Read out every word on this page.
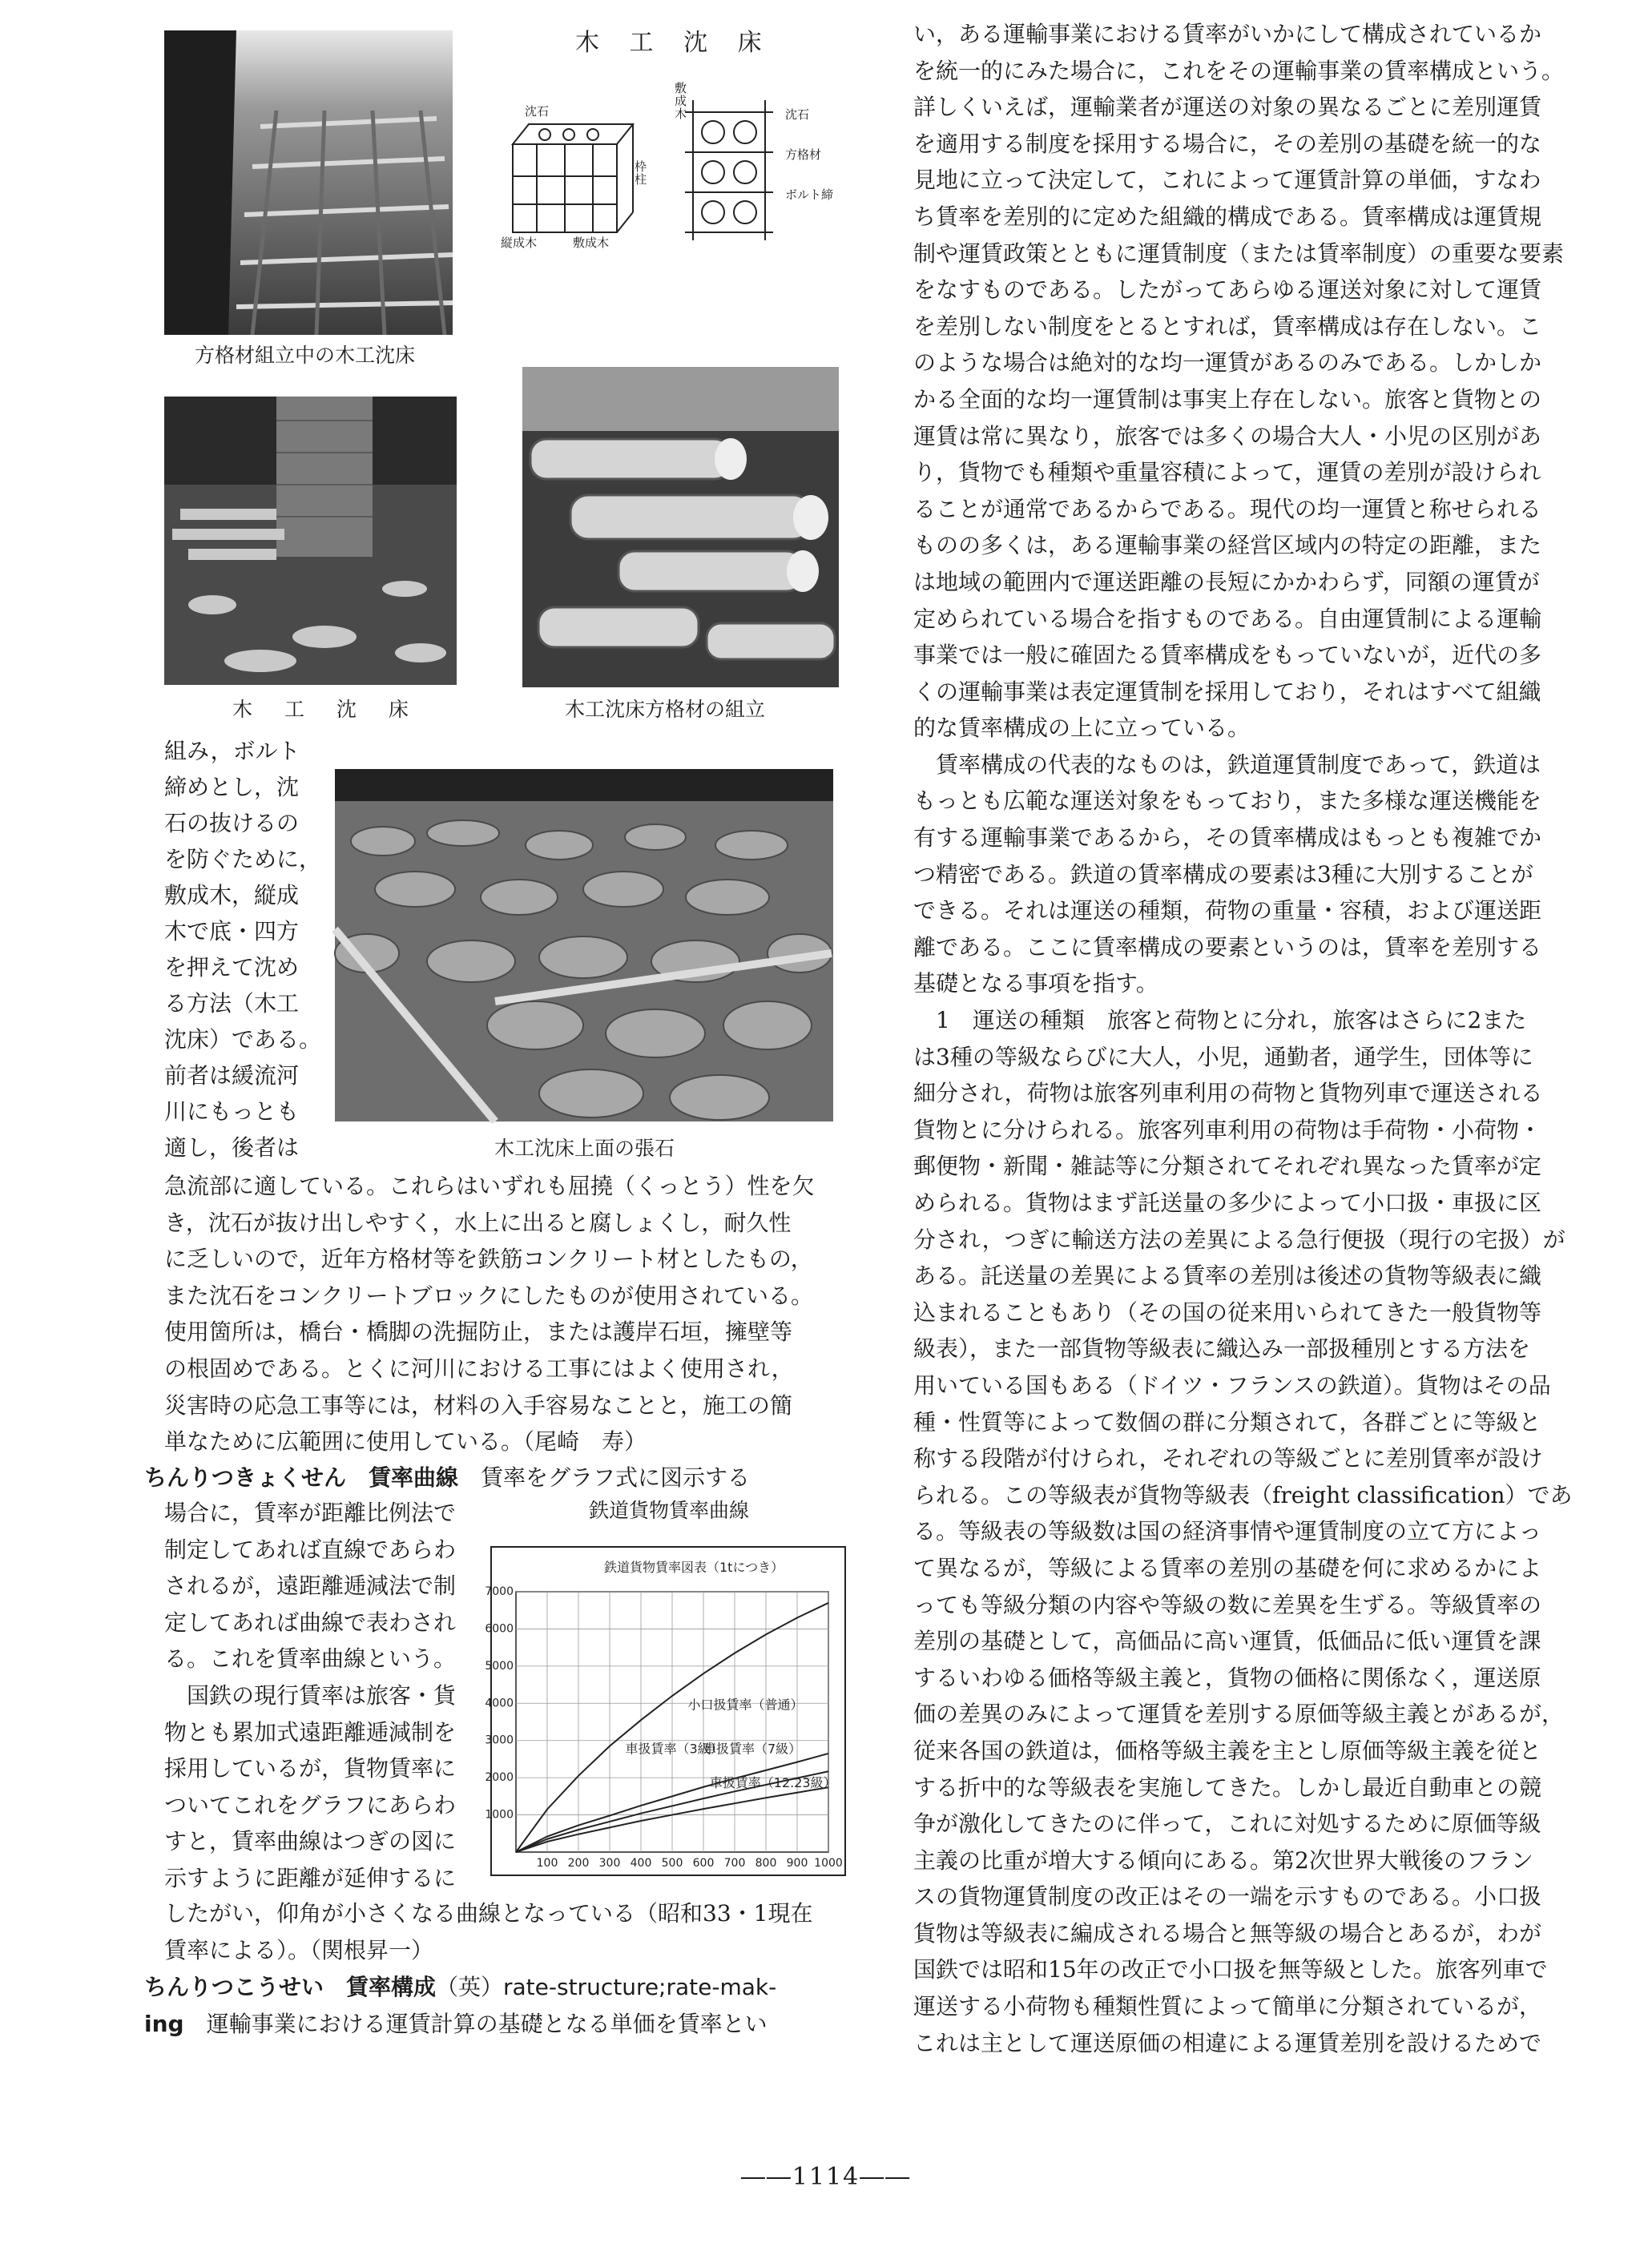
木 工 沈 床
沈石
枠柱
縦成木	敷成木
敷成木	沈石
方格材
ボルト締
方格材組立中の木工沈床
木 工 沈 床	木工沈床方格材の組立

組み，ボルト

締めとし，沈

石の抜けるの

を防ぐために，

敷成木，縦成

木で底・四方

を押えて沈め

る方法（木工

沈床）である。

前者は緩流河

川にもっとも

適し，後者は	木工沈床上面の張石

急流部に適している。これらはいずれも屈撓（くっとう）性を欠

き，沈石が抜け出しやすく，水上に出ると腐しょくし，耐久性

に乏しいので，近年方格材等を鉄筋コンクリート材としたもの，

また沈石をコンクリートブロックにしたものが使用されている。

使用箇所は，橋台・橋脚の洗掘防止，または護岸石垣，擁壁等

の根固めである。とくに河川における工事にはよく使用され，

災害時の応急工事等には，材料の入手容易なことと，施工の簡

単なために広範囲に使用している。（尾崎　寿）

ちんりつきょくせん　賃率曲線　賃率をグラフ式に図示する

鉄道貨物賃率曲線

場合に，賃率が距離比例法で

制定してあれば直線であらわ

されるが，遠距離逓減法で制

定してあれば曲線で表わされ

る。これを賃率曲線という。

　国鉄の現行賃率は旅客・貨

物とも累加式遠距離逓減制を

採用しているが，貨物賃率に

ついてこれをグラフにあらわ

すと，賃率曲線はつぎの図に

示すように距離が延伸するに

鉄道貨物賃率図表（1tにつき）
100 200 300 400 500 600 700 800 900 1000
1000
2000
3000
4000
5000
6000
7000
小口扱賃率（普通）
車扱賃率（3級）
車扱賃率（7級）
車扱賃率（12.23級）

したがい，仰角が小さくなる曲線となっている（昭和33・1現在

賃率による）。（関根昇一）

ちんりつこうせい　賃率構成（英）rate-structure;rate-mak-

ing　運輸事業における運賃計算の基礎となる単価を賃率とい

い，ある運輸事業における賃率がいかにして構成されているか

を統一的にみた場合に，これをその運輸事業の賃率構成という。

詳しくいえば，運輸業者が運送の対象の異なるごとに差別運賃

を適用する制度を採用する場合に，その差別の基礎を統一的な

見地に立って決定して，これによって運賃計算の単価，すなわ

ち賃率を差別的に定めた組織的構成である。賃率構成は運賃規

制や運賃政策とともに運賃制度（または賃率制度）の重要な要素

をなすものである。したがってあらゆる運送対象に対して運賃

を差別しない制度をとるとすれば，賃率構成は存在しない。こ

のような場合は絶対的な均一運賃があるのみである。しかしか

かる全面的な均一運賃制は事実上存在しない。旅客と貨物との

運賃は常に異なり，旅客では多くの場合大人・小児の区別があ

り，貨物でも種類や重量容積によって，運賃の差別が設けられ

ることが通常であるからである。現代の均一運賃と称せられる

ものの多くは，ある運輸事業の経営区域内の特定の距離，また

は地域の範囲内で運送距離の長短にかかわらず，同額の運賃が

定められている場合を指すものである。自由運賃制による運輸

事業では一般に確固たる賃率構成をもっていないが，近代の多

くの運輸事業は表定運賃制を採用しており，それはすべて組織

的な賃率構成の上に立っている。

　賃率構成の代表的なものは，鉄道運賃制度であって，鉄道は

もっとも広範な運送対象をもっており，また多様な運送機能を

有する運輸事業であるから，その賃率構成はもっとも複雑でか

つ精密である。鉄道の賃率構成の要素は3種に大別することが

できる。それは運送の種類，荷物の重量・容積，および運送距

離である。ここに賃率構成の要素というのは，賃率を差別する

基礎となる事項を指す。

　1　運送の種類　旅客と荷物とに分れ，旅客はさらに2また

は3種の等級ならびに大人，小児，通勤者，通学生，団体等に

細分され，荷物は旅客列車利用の荷物と貨物列車で運送される

貨物とに分けられる。旅客列車利用の荷物は手荷物・小荷物・

郵便物・新聞・雑誌等に分類されてそれぞれ異なった賃率が定

められる。貨物はまず託送量の多少によって小口扱・車扱に区

分され，つぎに輸送方法の差異による急行便扱（現行の宅扱）が

ある。託送量の差異による賃率の差別は後述の貨物等級表に織

込まれることもあり（その国の従来用いられてきた一般貨物等

級表），また一部貨物等級表に織込み一部扱種別とする方法を

用いている国もある（ドイツ・フランスの鉄道）。貨物はその品

種・性質等によって数個の群に分類されて，各群ごとに等級と

称する段階が付けられ，それぞれの等級ごとに差別賃率が設け

られる。この等級表が貨物等級表（freight classification）であ

る。等級表の等級数は国の経済事情や運賃制度の立て方によっ

て異なるが，等級による賃率の差別の基礎を何に求めるかによ

っても等級分類の内容や等級の数に差異を生ずる。等級賃率の

差別の基礎として，高価品に高い運賃，低価品に低い運賃を課

するいわゆる価格等級主義と，貨物の価格に関係なく，運送原

価の差異のみによって運賃を差別する原価等級主義とがあるが，

従来各国の鉄道は，価格等級主義を主とし原価等級主義を従と

する折中的な等級表を実施してきた。しかし最近自動車との競

争が激化してきたのに伴って，これに対処するために原価等級

主義の比重が増大する傾向にある。第2次世界大戦後のフラン

スの貨物運賃制度の改正はその一端を示すものである。小口扱

貨物は等級表に編成される場合と無等級の場合とあるが，わが

国鉄では昭和15年の改正で小口扱を無等級とした。旅客列車で

運送する小荷物も種類性質によって簡単に分類されているが，

これは主として運送原価の相違による運賃差別を設けるためで

――1114――
